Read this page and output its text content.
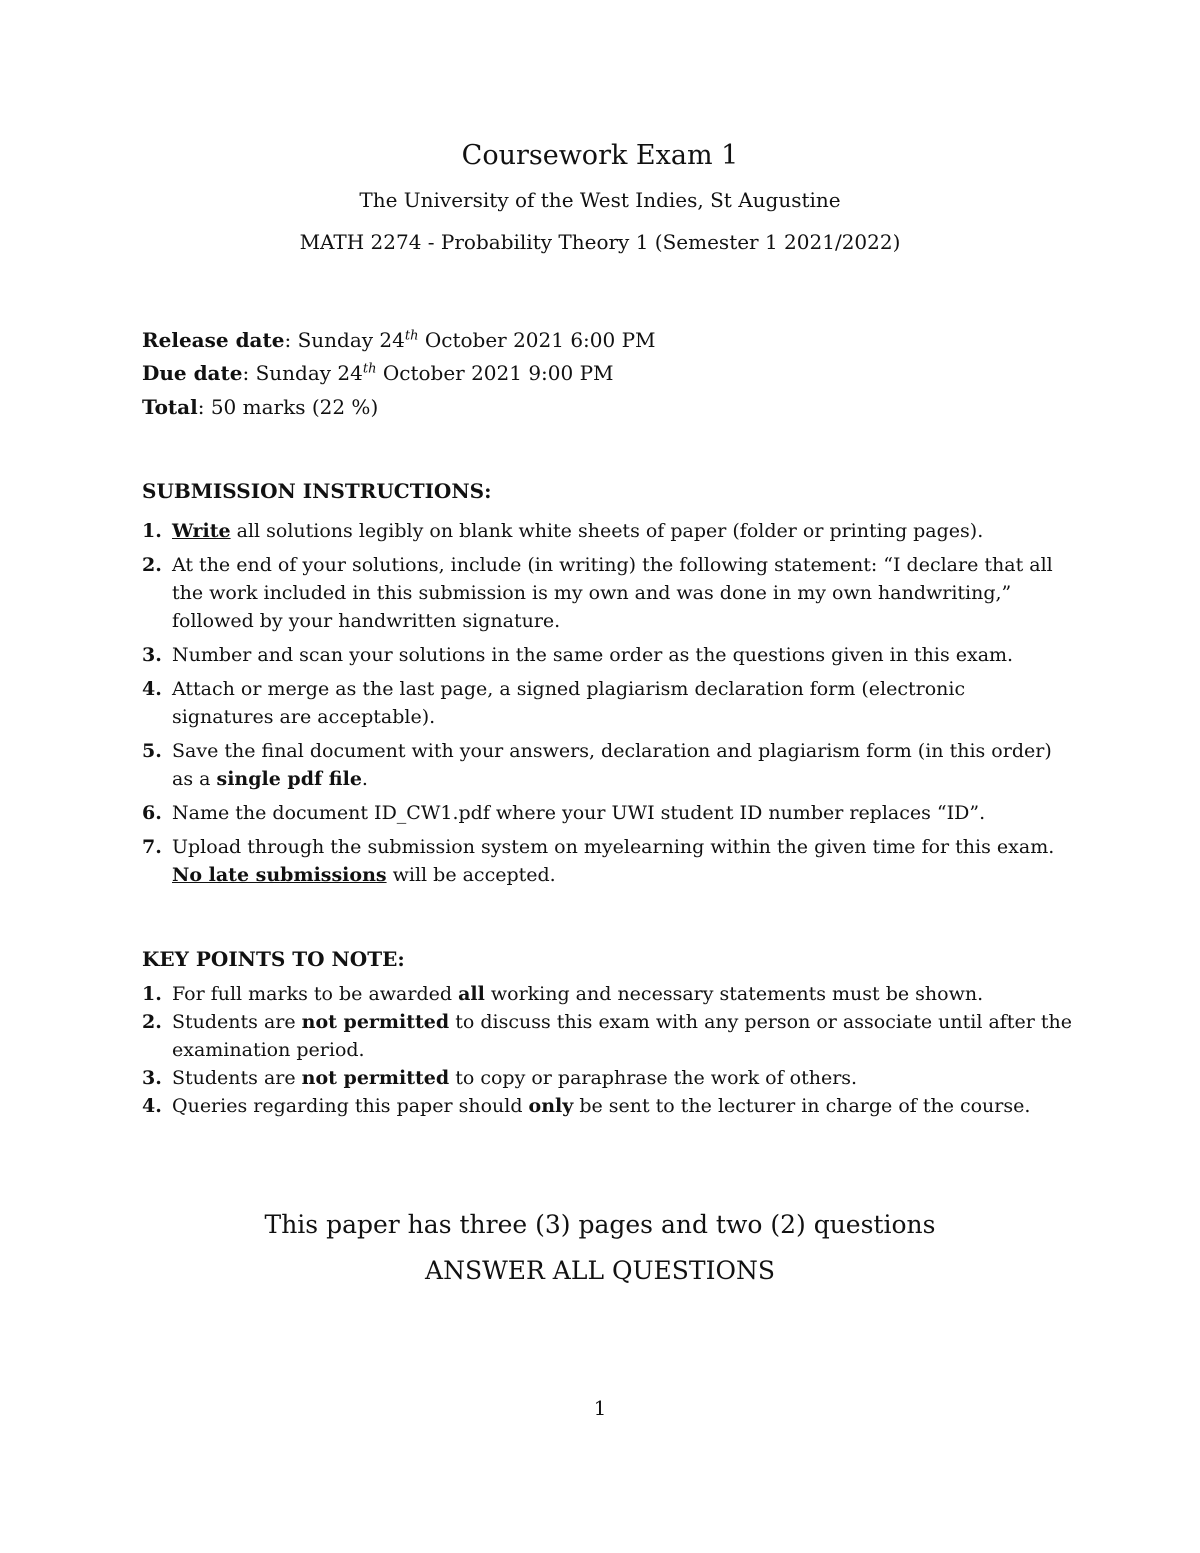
Coursework Exam 1
The University of the West Indies, St Augustine
MATH 2274 - Probability Theory 1 (Semester 1 2021/2022)
Release date: Sunday 24th October 2021 6:00 PM
Due date: Sunday 24th October 2021 9:00 PM
Total: 50 marks (22 %)
SUBMISSION INSTRUCTIONS:
1. Write all solutions legibly on blank white sheets of paper (folder or printing pages).
2. At the end of your solutions, include (in writing) the following statement: “I declare that all the work included in this submission is my own and was done in my own handwriting,” followed by your handwritten signature.
3. Number and scan your solutions in the same order as the questions given in this exam.
4. Attach or merge as the last page, a signed plagiarism declaration form (electronic signatures are acceptable).
5. Save the final document with your answers, declaration and plagiarism form (in this order) as a single pdf file.
6. Name the document ID_CW1.pdf where your UWI student ID number replaces “ID”.
7. Upload through the submission system on myelearning within the given time for this exam. No late submissions will be accepted.
KEY POINTS TO NOTE:
1. For full marks to be awarded all working and necessary statements must be shown.
2. Students are not permitted to discuss this exam with any person or associate until after the examination period.
3. Students are not permitted to copy or paraphrase the work of others.
4. Queries regarding this paper should only be sent to the lecturer in charge of the course.
This paper has three (3) pages and two (2) questions
ANSWER ALL QUESTIONS
1
